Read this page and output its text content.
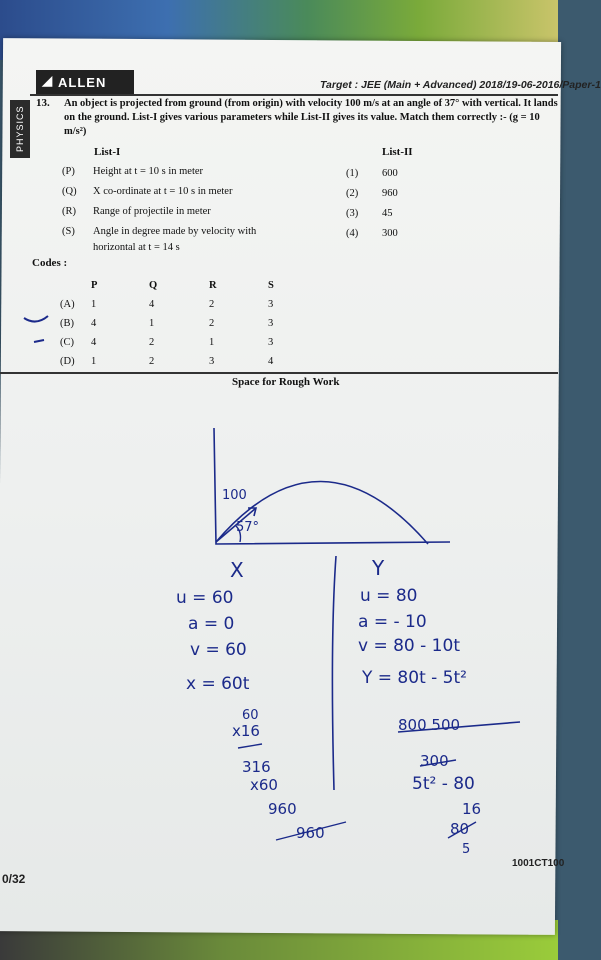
◢ ALLEN	Target : JEE (Main + Advanced) 2018/19-06-2016/Paper-1
PHYSICS
13. An object is projected from ground (from origin) with velocity 100 m/s at an angle of 37° with vertical. It lands on the ground. List-I gives various parameters while List-II gives its value. Match them correctly :- (g = 10 m/s²)
List-I	List-II
(P) Height at t = 10 s in meter
(Q) X co-ordinate at t = 10 s in meter
(R) Range of projectile in meter
(S) Angle in degree made by velocity with
horizontal at t = 14 s
(1) 600
(2) 960
(3) 45
(4) 300
Codes :
P	Q	R	S
(A) 1	4	2	3
(B) 4	1	2	3
(C) 4	2	1	3
(D) 1	2	3	4
Space for Rough Work
100
57°
X	Y
u = 60
a = 0
v = 60
x = 60t
60
x16
316
x60
960
960
u = 80
a = - 10
v = 80 - 10t
Y = 80t - 5t²
800 500
300
5t² - 80
16
80
5
0/32
1001CT100
